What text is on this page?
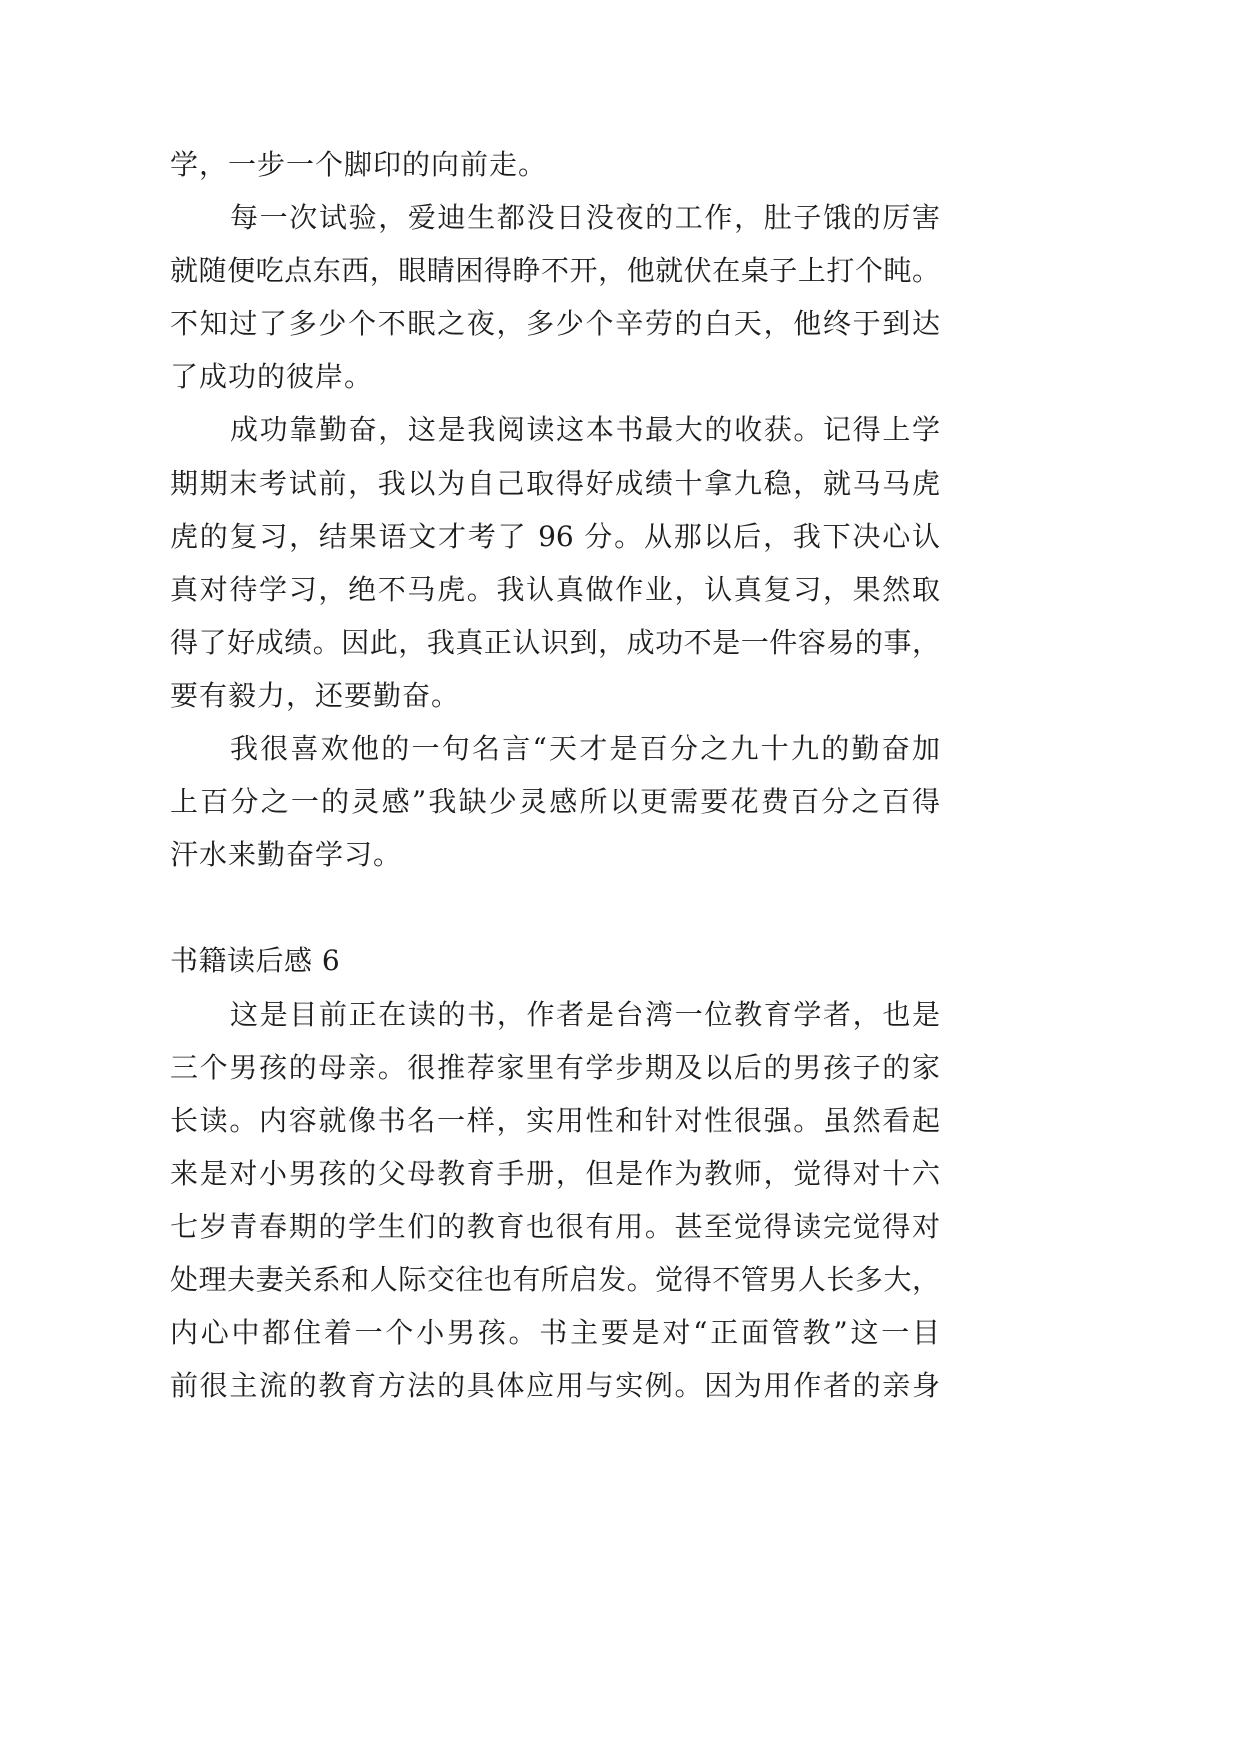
学，一步一个脚印的向前走。
每一次试验，爱迪生都没日没夜的工作，肚子饿的厉害
就随便吃点东西，眼睛困得睁不开，他就伏在桌子上打个盹。
不知过了多少个不眠之夜，多少个辛劳的白天，他终于到达
了成功的彼岸。
成功靠勤奋，这是我阅读这本书最大的收获。记得上学
期期末考试前，我以为自己取得好成绩十拿九稳，就马马虎
虎的复习，结果语文才考了 96 分。从那以后，我下决心认
真对待学习，绝不马虎。我认真做作业，认真复习，果然取
得了好成绩。因此，我真正认识到，成功不是一件容易的事，
要有毅力，还要勤奋。
我很喜欢他的一句名言“天才是百分之九十九的勤奋加
上百分之一的灵感”我缺少灵感所以更需要花费百分之百得
汗水来勤奋学习。
书籍读后感 6
这是目前正在读的书，作者是台湾一位教育学者，也是
三个男孩的母亲。很推荐家里有学步期及以后的男孩子的家
长读。内容就像书名一样，实用性和针对性很强。虽然看起
来是对小男孩的父母教育手册，但是作为教师，觉得对十六
七岁青春期的学生们的教育也很有用。甚至觉得读完觉得对
处理夫妻关系和人际交往也有所启发。觉得不管男人长多大，
内心中都住着一个小男孩。书主要是对“正面管教”这一目
前很主流的教育方法的具体应用与实例。因为用作者的亲身
